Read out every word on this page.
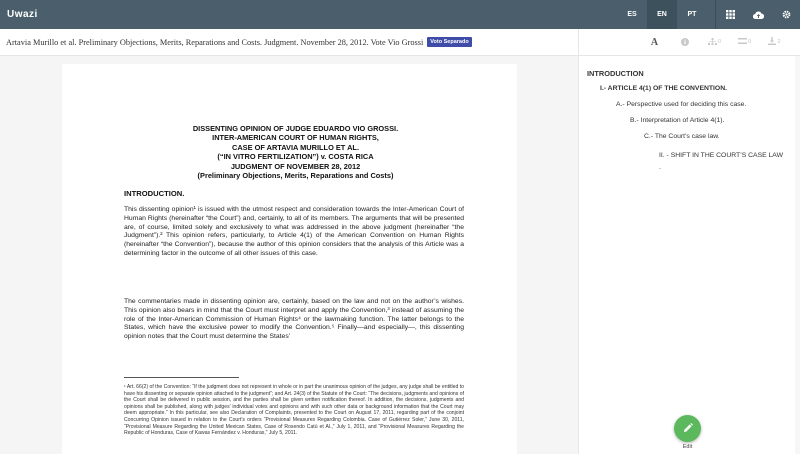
Uwazi	ES	EN	PT
Artavia Murillo et al. Preliminary Objections, Merits, Reparations and Costs. Judgment. November 28, 2012. Vote Vio Grossi	Voto Separado	A	0	0	2
DISSENTING OPINION OF JUDGE EDUARDO VIO GROSSI.
INTER-AMERICAN COURT OF HUMAN RIGHTS,
CASE OF ARTAVIA MURILLO ET AL.
(“IN VITRO FERTILIZATION”) v. COSTA RICA
JUDGMENT OF NOVEMBER 28, 2012
(Preliminary Objections, Merits, Reparations and Costs)
INTRODUCTION.
This dissenting opinion¹ is issued with the utmost respect and consideration towards the Inter-American Court of Human Rights (hereinafter “the Court”) and, certainly, to all of its members. The arguments that will be presented are, of course, limited solely and exclusively to what was addressed in the above judgment (hereinafter “the Judgment”).² This opinion refers, particularly, to Article 4(1) of the American Convention on Human Rights (hereinafter “the Convention”), because the author of this opinion considers that the analysis of this Article was a determining factor in the outcome of all other issues of this case.
The commentaries made in dissenting opinion are, certainly, based on the law and not on the author’s wishes. This opinion also bears in mind that the Court must interpret and apply the Convention,³ instead of assuming the role of the Inter-American Commission of Human Rights⁴ or the lawmaking function. The latter belongs to the States, which have the exclusive power to modify the Convention.⁵ Finally—and especially—, this dissenting opinion notes that the Court must determine the States’
¹ Art. 66(2) of the Convention: “If the judgment does not represent in whole or in part the unanimous opinion of the judges, any judge shall be entitled to have his dissenting or separate opinion attached to the judgment”; and Art. 24(3) of the Statute of the Court: “The decisions, judgments and opinions of the Court shall be delivered in public session, and the parties shall be given written notification thereof. In addition, the decisions, judgments and opinions shall be published, along with judges’ individual votes and opinions and with such other data or background information that the Court may deem appropriate.” In this particular, see also Declaration of Complaints, presented to the Court on August 17, 2011, regarding part of the conjoint Concurring Opinion issued in relation to the Court’s orders “Provisional Measures Regarding Colombia. Case of Gutiérrez Soler,” June 30, 2011, “Provisional Measure Regarding the United Mexican States, Case of Rosendo Catú et Al.,” July 1, 2011, and “Provisional Measures Regarding the Republic of Honduras, Case of Kawas Fernández v. Honduras,” July 5, 2011.
INTRODUCTION
I.- ARTICLE 4(1) OF THE CONVENTION.
A.- Perspective used for deciding this case.
B.- Interpretation of Article 4(1).
C.- The Court’s case law.
II. - SHIFT IN THE COURT’S CASE LAW
.
Edit
